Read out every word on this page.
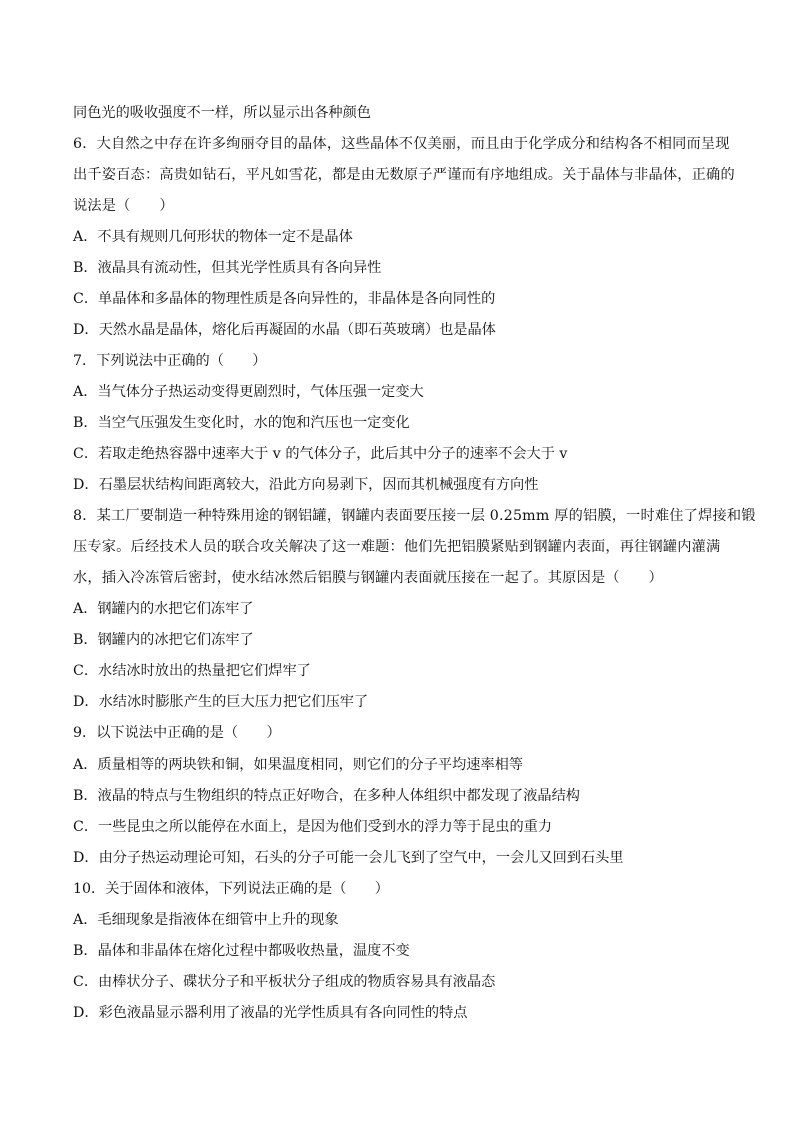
同色光的吸收强度不一样，所以显示出各种颜色
6．大自然之中存在许多绚丽夺目的晶体，这些晶体不仅美丽，而且由于化学成分和结构各不相同而呈现
出千姿百态：高贵如钻石，平凡如雪花，都是由无数原子严谨而有序地组成。关于晶体与非晶体，正确的
说法是（　　）
A．不具有规则几何形状的物体一定不是晶体
B．液晶具有流动性，但其光学性质具有各向异性
C．单晶体和多晶体的物理性质是各向异性的，非晶体是各向同性的
D．天然水晶是晶体，熔化后再凝固的水晶（即石英玻璃）也是晶体
7．下列说法中正确的（　　）
A．当气体分子热运动变得更剧烈时，气体压强一定变大
B．当空气压强发生变化时，水的饱和汽压也一定变化
C．若取走绝热容器中速率大于 v 的气体分子，此后其中分子的速率不会大于 v
D．石墨层状结构间距离较大，沿此方向易剥下，因而其机械强度有方向性
8．某工厂要制造一种特殊用途的钢铝罐，钢罐内表面要压接一层 0.25mm 厚的铝膜，一时难住了焊接和锻
压专家。后经技术人员的联合攻关解决了这一难题：他们先把铝膜紧贴到钢罐内表面，再往钢罐内灌满
水，插入冷冻管后密封，使水结冰然后铝膜与钢罐内表面就压接在一起了。其原因是（　　）
A．钢罐内的水把它们冻牢了
B．钢罐内的冰把它们冻牢了
C．水结冰时放出的热量把它们焊牢了
D．水结冰时膨胀产生的巨大压力把它们压牢了
9．以下说法中正确的是（　　）
A．质量相等的两块铁和铜，如果温度相同，则它们的分子平均速率相等
B．液晶的特点与生物组织的特点正好吻合，在多种人体组织中都发现了液晶结构
C．一些昆虫之所以能停在水面上，是因为他们受到水的浮力等于昆虫的重力
D．由分子热运动理论可知，石头的分子可能一会儿飞到了空气中，一会儿又回到石头里
10．关于固体和液体，下列说法正确的是（　　）
A．毛细现象是指液体在细管中上升的现象
B．晶体和非晶体在熔化过程中都吸收热量，温度不变
C．由棒状分子、碟状分子和平板状分子组成的物质容易具有液晶态
D．彩色液晶显示器利用了液晶的光学性质具有各向同性的特点
